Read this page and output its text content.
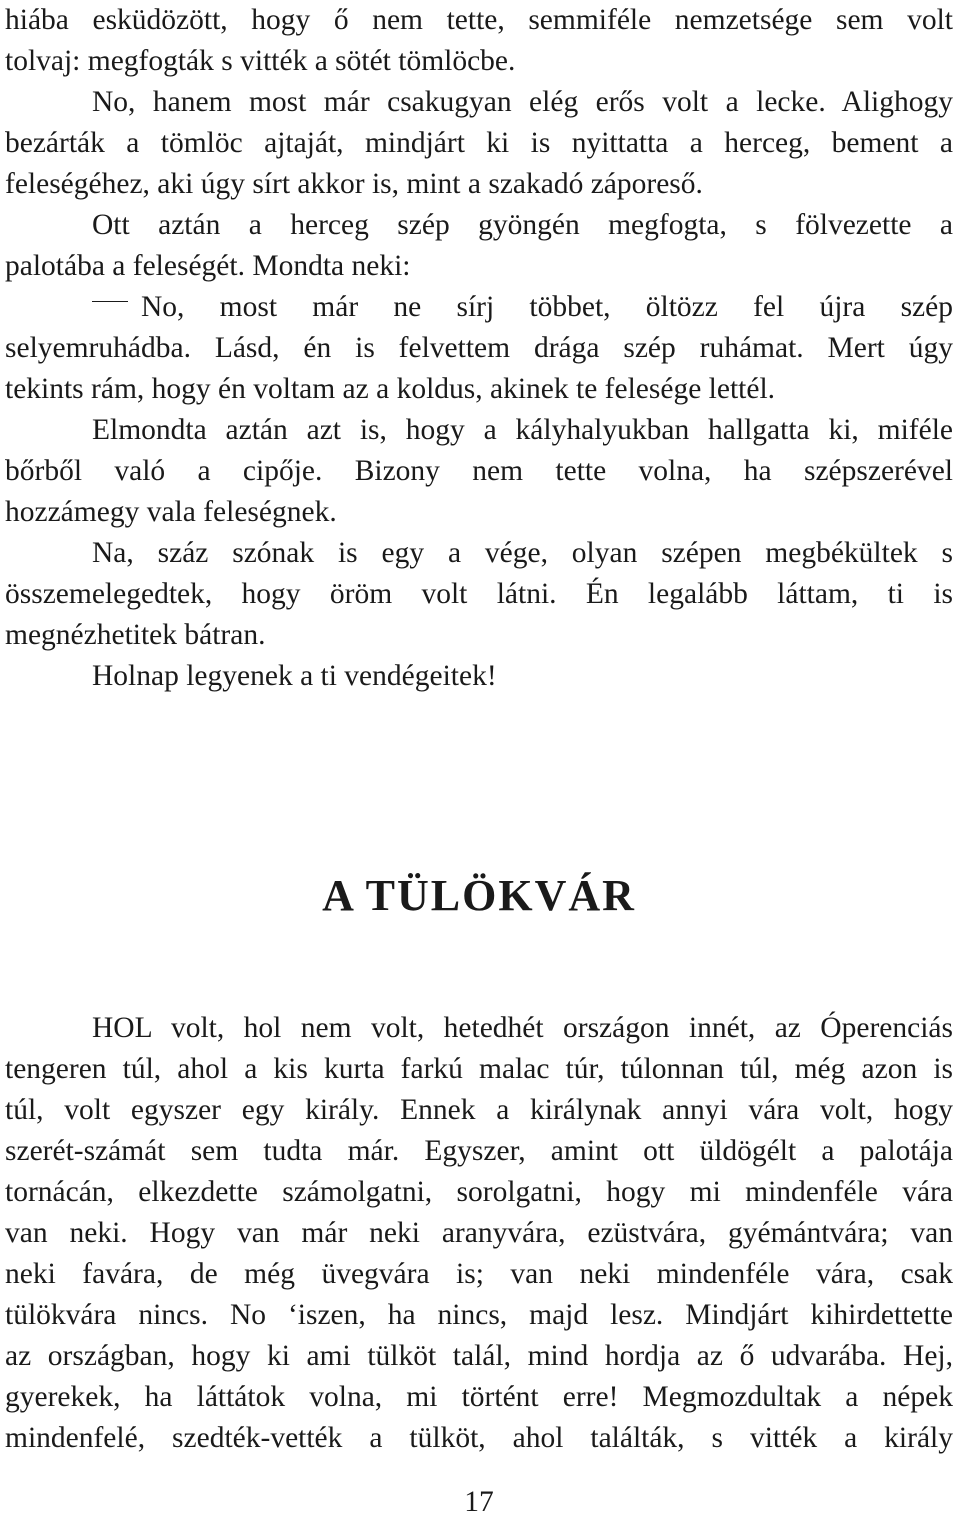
hiába esküdözött, hogy ő nem tette, semmiféle nemzetsége sem volt
tolvaj: megfogták s vitték a sötét tömlöcbe.
No, hanem most már csakugyan elég erős volt a lecke. Alighogy
bezárták a tömlöc ajtaját, mindjárt ki is nyittatta a herceg, bement a
feleségéhez, aki úgy sírt akkor is, mint a szakadó záporeső.
Ott aztán a herceg szép gyöngén megfogta, s fölvezette a
palotába a feleségét. Mondta neki:
No, most már ne sírj többet, öltözz fel újra szép
selyemruhádba. Lásd, én is felvettem drága szép ruhámat. Mert úgy
tekints rám, hogy én voltam az a koldus, akinek te felesége lettél.
Elmondta aztán azt is, hogy a kályhalyukban hallgatta ki, miféle
bőrből való a cipője. Bizony nem tette volna, ha szépszerével
hozzámegy vala feleségnek.
Na, száz szónak is egy a vége, olyan szépen megbékültek s
összemelegedtek, hogy öröm volt látni. Én legalább láttam, ti is
megnézhetitek bátran.
Holnap legyenek a ti vendégeitek!
A TÜLÖKVÁR
HOL volt, hol nem volt, hetedhét országon innét, az Óperenciás
tengeren túl, ahol a kis kurta farkú malac túr, túlonnan túl, még azon is
túl, volt egyszer egy király. Ennek a királynak annyi vára volt, hogy
szerét-számát sem tudta már. Egyszer, amint ott üldögélt a palotája
tornácán, elkezdette számolgatni, sorolgatni, hogy mi mindenféle vára
van neki. Hogy van már neki aranyvára, ezüstvára, gyémántvára; van
neki favára, de még üvegvára is; van neki mindenféle vára, csak
tülökvára nincs. No ‘iszen, ha nincs, majd lesz. Mindjárt kihirdettette
az országban, hogy ki ami tülköt talál, mind hordja az ő udvarába. Hej,
gyerekek, ha láttátok volna, mi történt erre! Megmozdultak a népek
mindenfelé, szedték-vették a tülköt, ahol találták, s vitték a király
17
